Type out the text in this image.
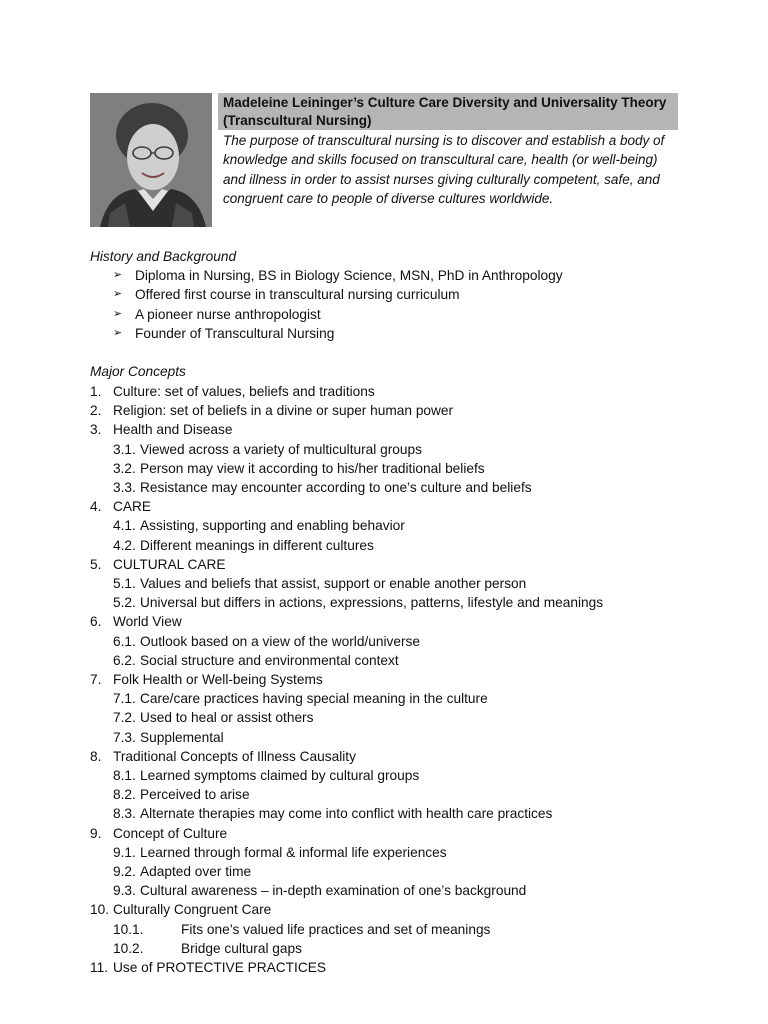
Madeleine Leininger’s Culture Care Diversity and Universality Theory (Transcultural Nursing)
The purpose of transcultural nursing is to discover and establish a body of knowledge and skills focused on transcultural care, health (or well-being) and illness in order to assist nurses giving culturally competent, safe, and congruent care to people of diverse cultures worldwide.
History and Background
➢ Diploma in Nursing, BS in Biology Science, MSN, PhD in Anthropology
➢ Offered first course in transcultural nursing curriculum
➢ A pioneer nurse anthropologist
➢ Founder of Transcultural Nursing
Major Concepts
1. Culture: set of values, beliefs and traditions
2. Religion: set of beliefs in a divine or super human power
3. Health and Disease
3.1. Viewed across a variety of multicultural groups
3.2. Person may view it according to his/her traditional beliefs
3.3. Resistance may encounter according to one’s culture and beliefs
4. CARE
4.1. Assisting, supporting and enabling behavior
4.2. Different meanings in different cultures
5. CULTURAL CARE
5.1. Values and beliefs that assist, support or enable another person
5.2. Universal but differs in actions, expressions, patterns, lifestyle and meanings
6. World View
6.1. Outlook based on a view of the world/universe
6.2. Social structure and environmental context
7. Folk Health or Well-being Systems
7.1. Care/care practices having special meaning in the culture
7.2. Used to heal or assist others
7.3. Supplemental
8. Traditional Concepts of Illness Causality
8.1. Learned symptoms claimed by cultural groups
8.2. Perceived to arise
8.3. Alternate therapies may come into conflict with health care practices
9. Concept of Culture
9.1. Learned through formal & informal life experiences
9.2. Adapted over time
9.3. Cultural awareness – in-depth examination of one’s background
10. Culturally Congruent Care
10.1.	Fits one’s valued life practices and set of meanings
10.2.	Bridge cultural gaps
11. Use of PROTECTIVE PRACTICES
